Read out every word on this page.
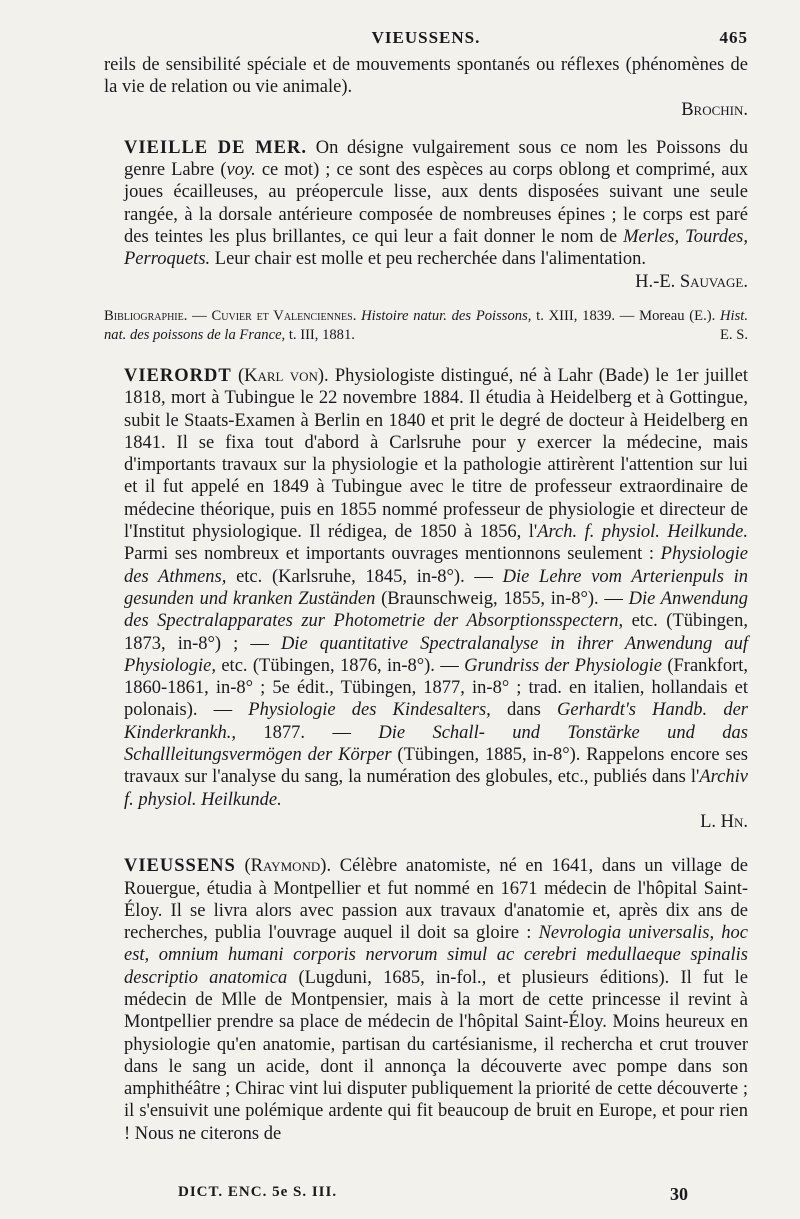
VIEUSSENS.	465

reils de sensibilité spéciale et de mouvements spontanés ou réflexes (phénomènes de la vie de relation ou vie animale).
Brochin.

VIEILLE DE MER. On désigne vulgairement sous ce nom les Poissons du genre Labre (voy. ce mot) ; ce sont des espèces au corps oblong et comprimé, aux joues écailleuses, au préopercule lisse, aux dents disposées suivant une seule rangée, à la dorsale antérieure composée de nombreuses épines ; le corps est paré des teintes les plus brillantes, ce qui leur a fait donner le nom de Merles, Tourdes, Perroquets. Leur chair est molle et peu recherchée dans l'alimentation.
H.-E. Sauvage.

Bibliographie. — Cuvier et Valenciennes. Histoire natur. des Poissons, t. XIII, 1839. — Moreau (E.). Hist. nat. des poissons de la France, t. III, 1881.	E. S.

VIERORDT (Karl von). Physiologiste distingué, né à Lahr (Bade) le 1er juillet 1818, mort à Tubingue le 22 novembre 1884. Il étudia à Heidelberg et à Gottingue, subit le Staats-Examen à Berlin en 1840 et prit le degré de docteur à Heidelberg en 1841. Il se fixa tout d'abord à Carlsruhe pour y exercer la médecine, mais d'importants travaux sur la physiologie et la pathologie attirèrent l'attention sur lui et il fut appelé en 1849 à Tubingue avec le titre de professeur extraordinaire de médecine théorique, puis en 1855 nommé professeur de physiologie et directeur de l'Institut physiologique. Il rédigea, de 1850 à 1856, l'Arch. f. physiol. Heilkunde. Parmi ses nombreux et importants ouvrages mentionnons seulement : Physiologie des Athmens, etc. (Karlsruhe, 1845, in-8°). — Die Lehre vom Arterienpuls in gesunden und kranken Zuständen (Braunschweig, 1855, in-8°). — Die Anwendung des Spectralapparates zur Photometrie der Absorptionsspectern, etc. (Tübingen, 1873, in-8°) ; — Die quantitative Spectralanalyse in ihrer Anwendung auf Physiologie, etc. (Tübingen, 1876, in-8°). — Grundriss der Physiologie (Frankfort, 1860-1861, in-8° ; 5e édit., Tübingen, 1877, in-8° ; trad. en italien, hollandais et polonais). — Physiologie des Kindesalters, dans Gerhardt's Handb. der Kinderkrankh., 1877. — Die Schall- und Tonstärke und das Schallleitungsvermögen der Körper (Tübingen, 1885, in-8°). Rappelons encore ses travaux sur l'analyse du sang, la numération des globules, etc., publiés dans l'Archiv f. physiol. Heilkunde.
L. Hn.

VIEUSSENS (Raymond). Célèbre anatomiste, né en 1641, dans un village de Rouergue, étudia à Montpellier et fut nommé en 1671 médecin de l'hôpital Saint-Éloy. Il se livra alors avec passion aux travaux d'anatomie et, après dix ans de recherches, publia l'ouvrage auquel il doit sa gloire : Nevrologia universalis, hoc est, omnium humani corporis nervorum simul ac cerebri medullaeque spinalis descriptio anatomica (Lugduni, 1685, in-fol., et plusieurs éditions). Il fut le médecin de Mlle de Montpensier, mais à la mort de cette princesse il revint à Montpellier prendre sa place de médecin de l'hôpital Saint-Éloy. Moins heureux en physiologie qu'en anatomie, partisan du cartésianisme, il rechercha et crut trouver dans le sang un acide, dont il annonça la découverte avec pompe dans son amphithéâtre ; Chirac vint lui disputer publiquement la priorité de cette découverte ; il s'ensuivit une polémique ardente qui fit beaucoup de bruit en Europe, et pour rien ! Nous ne citerons de

DICT. ENC. 5e S. III.	30
